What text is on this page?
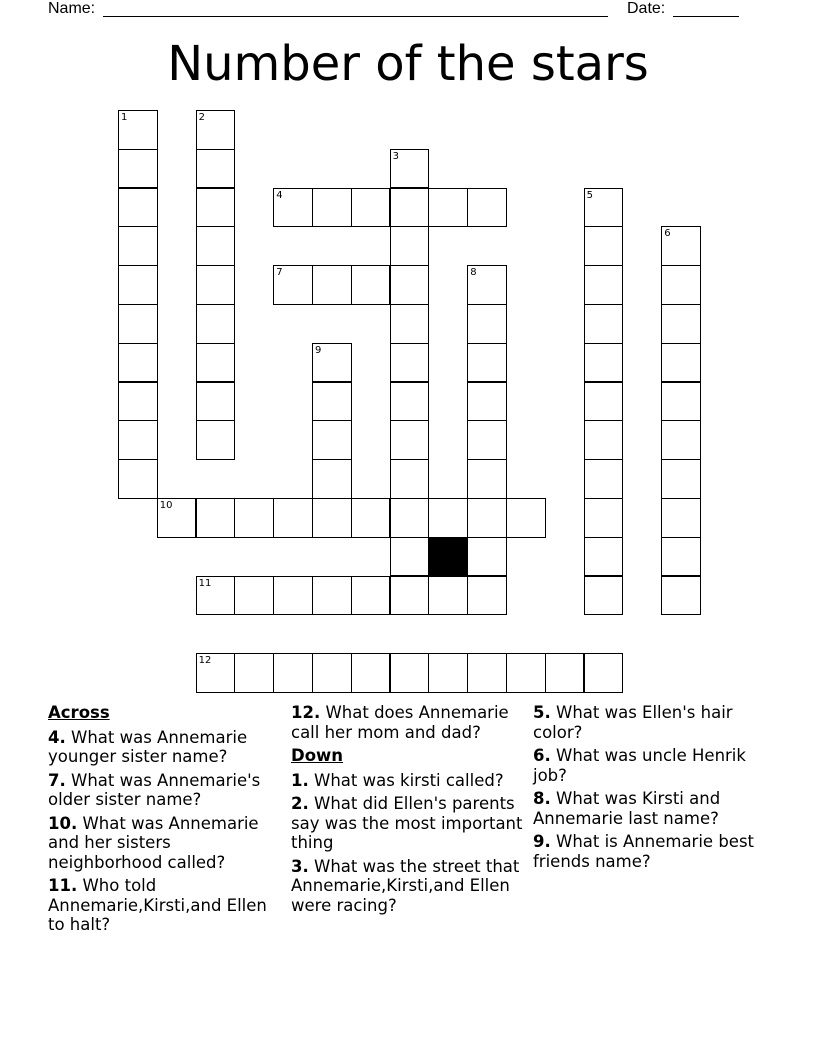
Name:	Date:
Number of the stars
1	2
3
4	5
6
7	8
9
10
11
12
Across
4. What was Annemarie younger sister name?
7. What was Annemarie's older sister name?
10. What was Annemarie and her sisters neighborhood called?
11. Who told Annemarie,Kirsti,and Ellen to halt?
12. What does Annemarie call her mom and dad?
Down
1. What was kirsti called?
2. What did Ellen's parents say was the most important thing
3. What was the street that Annemarie,Kirsti,and Ellen were racing?
5. What was Ellen's hair color?
6. What was uncle Henrik job?
8. What was Kirsti and Annemarie last name?
9. What is Annemarie best friends name?
